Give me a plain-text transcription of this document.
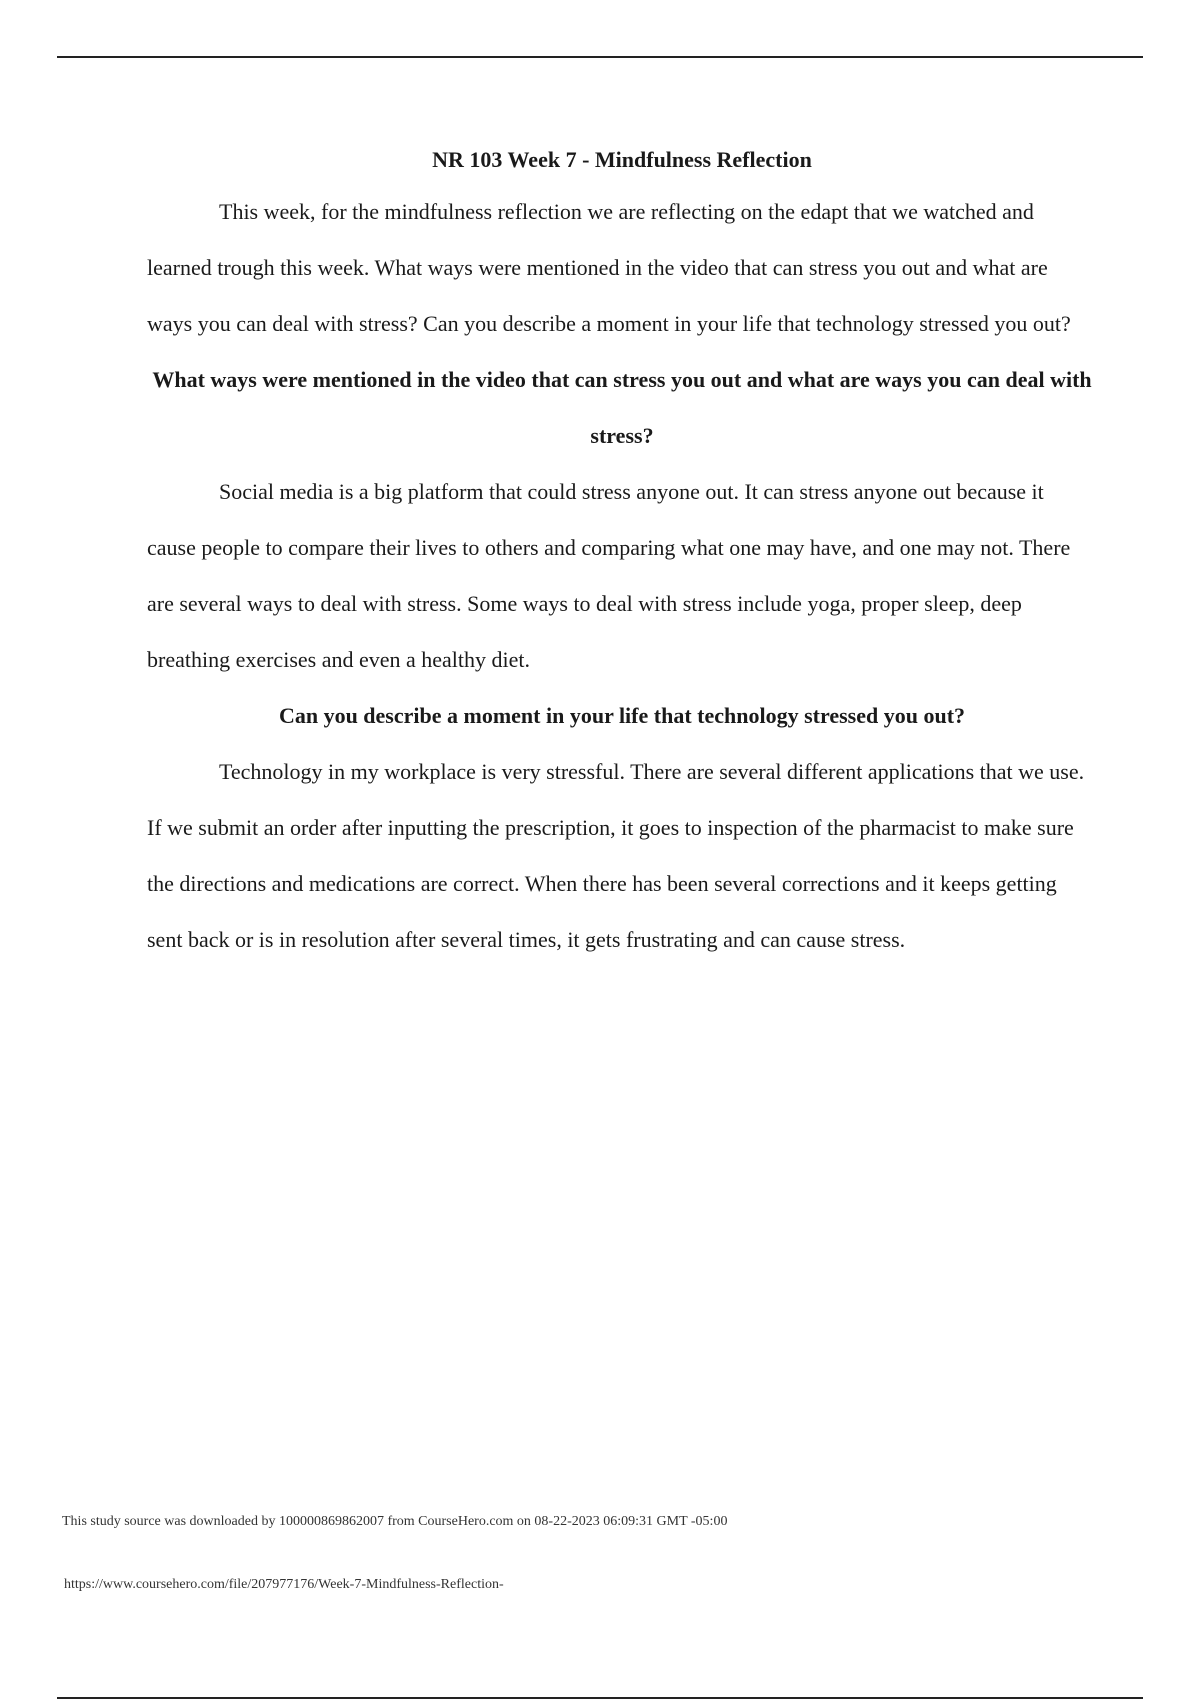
NR 103 Week 7 - Mindfulness Reflection

This week, for the mindfulness reflection we are reflecting on the edapt that we watched and learned trough this week. What ways were mentioned in the video that can stress you out and what are ways you can deal with stress? Can you describe a moment in your life that technology stressed you out?

What ways were mentioned in the video that can stress you out and what are ways you can deal with stress?

Social media is a big platform that could stress anyone out. It can stress anyone out because it cause people to compare their lives to others and comparing what one may have, and one may not. There are several ways to deal with stress. Some ways to deal with stress include yoga, proper sleep, deep breathing exercises and even a healthy diet.

Can you describe a moment in your life that technology stressed you out?

Technology in my workplace is very stressful. There are several different applications that we use. If we submit an order after inputting the prescription, it goes to inspection of the pharmacist to make sure the directions and medications are correct. When there has been several corrections and it keeps getting sent back or is in resolution after several times, it gets frustrating and can cause stress.

This study source was downloaded by 100000869862007 from CourseHero.com on 08-22-2023 06:09:31 GMT -05:00
https://www.coursehero.com/file/207977176/Week-7-Mindfulness-Reflection-
